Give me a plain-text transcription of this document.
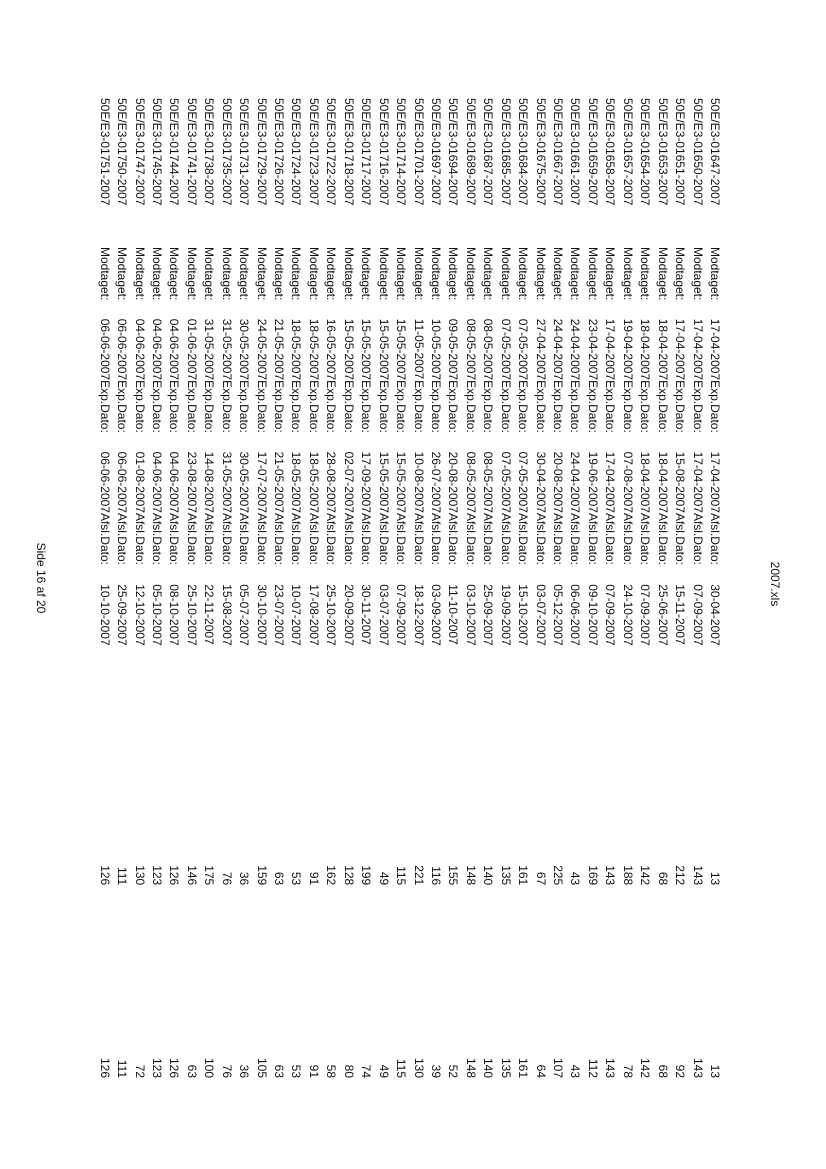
2007.xls
50E/E3-01647-2007	Modtaget:	17-04-2007	Exp.Dato:	17-04-2007	Afsl.Dato:	30-04-2007	13	13
50E/E3-01650-2007	Modtaget:	17-04-2007	Exp.Dato:	17-04-2007	Afsl.Dato:	07-09-2007	143	143
50E/E3-01651-2007	Modtaget:	17-04-2007	Exp.Dato:	15-08-2007	Afsl.Dato:	15-11-2007	212	92
50E/E3-01653-2007	Modtaget:	18-04-2007	Exp.Dato:	18-04-2007	Afsl.Dato:	25-06-2007	68	68
50E/E3-01654-2007	Modtaget:	18-04-2007	Exp.Dato:	18-04-2007	Afsl.Dato:	07-09-2007	142	142
50E/E3-01657-2007	Modtaget:	19-04-2007	Exp.Dato:	07-08-2007	Afsl.Dato:	24-10-2007	188	78
50E/E3-01658-2007	Modtaget:	17-04-2007	Exp.Dato:	17-04-2007	Afsl.Dato:	07-09-2007	143	143
50E/E3-01659-2007	Modtaget:	23-04-2007	Exp.Dato:	19-06-2007	Afsl.Dato:	09-10-2007	169	112
50E/E3-01661-2007	Modtaget:	24-04-2007	Exp.Dato:	24-04-2007	Afsl.Dato:	06-06-2007	43	43
50E/E3-01667-2007	Modtaget:	24-04-2007	Exp.Dato:	20-08-2007	Afsl.Dato:	05-12-2007	225	107
50E/E3-01675-2007	Modtaget:	27-04-2007	Exp.Dato:	30-04-2007	Afsl.Dato:	03-07-2007	67	64
50E/E3-01684-2007	Modtaget:	07-05-2007	Exp.Dato:	07-05-2007	Afsl.Dato:	15-10-2007	161	161
50E/E3-01685-2007	Modtaget:	07-05-2007	Exp.Dato:	07-05-2007	Afsl.Dato:	19-09-2007	135	135
50E/E3-01687-2007	Modtaget:	08-05-2007	Exp.Dato:	08-05-2007	Afsl.Dato:	25-09-2007	140	140
50E/E3-01689-2007	Modtaget:	08-05-2007	Exp.Dato:	08-05-2007	Afsl.Dato:	03-10-2007	148	148
50E/E3-01694-2007	Modtaget:	09-05-2007	Exp.Dato:	20-08-2007	Afsl.Dato:	11-10-2007	155	52
50E/E3-01697-2007	Modtaget:	10-05-2007	Exp.Dato:	26-07-2007	Afsl.Dato:	03-09-2007	116	39
50E/E3-01701-2007	Modtaget:	11-05-2007	Exp.Dato:	10-08-2007	Afsl.Dato:	18-12-2007	221	130
50E/E3-01714-2007	Modtaget:	15-05-2007	Exp.Dato:	15-05-2007	Afsl.Dato:	07-09-2007	115	115
50E/E3-01716-2007	Modtaget:	15-05-2007	Exp.Dato:	15-05-2007	Afsl.Dato:	03-07-2007	49	49
50E/E3-01717-2007	Modtaget:	15-05-2007	Exp.Dato:	17-09-2007	Afsl.Dato:	30-11-2007	199	74
50E/E3-01718-2007	Modtaget:	15-05-2007	Exp.Dato:	02-07-2007	Afsl.Dato:	20-09-2007	128	80
50E/E3-01722-2007	Modtaget:	16-05-2007	Exp.Dato:	28-08-2007	Afsl.Dato:	25-10-2007	162	58
50E/E3-01723-2007	Modtaget:	18-05-2007	Exp.Dato:	18-05-2007	Afsl.Dato:	17-08-2007	91	91
50E/E3-01724-2007	Modtaget:	18-05-2007	Exp.Dato:	18-05-2007	Afsl.Dato:	10-07-2007	53	53
50E/E3-01726-2007	Modtaget:	21-05-2007	Exp.Dato:	21-05-2007	Afsl.Dato:	23-07-2007	63	63
50E/E3-01729-2007	Modtaget:	24-05-2007	Exp.Dato:	17-07-2007	Afsl.Dato:	30-10-2007	159	105
50E/E3-01731-2007	Modtaget:	30-05-2007	Exp.Dato:	30-05-2007	Afsl.Dato:	05-07-2007	36	36
50E/E3-01735-2007	Modtaget:	31-05-2007	Exp.Dato:	31-05-2007	Afsl.Dato:	15-08-2007	76	76
50E/E3-01738-2007	Modtaget:	31-05-2007	Exp.Dato:	14-08-2007	Afsl.Dato:	22-11-2007	175	100
50E/E3-01741-2007	Modtaget:	01-06-2007	Exp.Dato:	23-08-2007	Afsl.Dato:	25-10-2007	146	63
50E/E3-01744-2007	Modtaget:	04-06-2007	Exp.Dato:	04-06-2007	Afsl.Dato:	08-10-2007	126	126
50E/E3-01745-2007	Modtaget:	04-06-2007	Exp.Dato:	04-06-2007	Afsl.Dato:	05-10-2007	123	123
50E/E3-01747-2007	Modtaget:	04-06-2007	Exp.Dato:	01-08-2007	Afsl.Dato:	12-10-2007	130	72
50E/E3-01750-2007	Modtaget:	06-06-2007	Exp.Dato:	06-06-2007	Afsl.Dato:	25-09-2007	111	111
50E/E3-01751-2007	Modtaget:	06-06-2007	Exp.Dato:	06-06-2007	Afsl.Dato:	10-10-2007	126	126
Side 16 af 20
